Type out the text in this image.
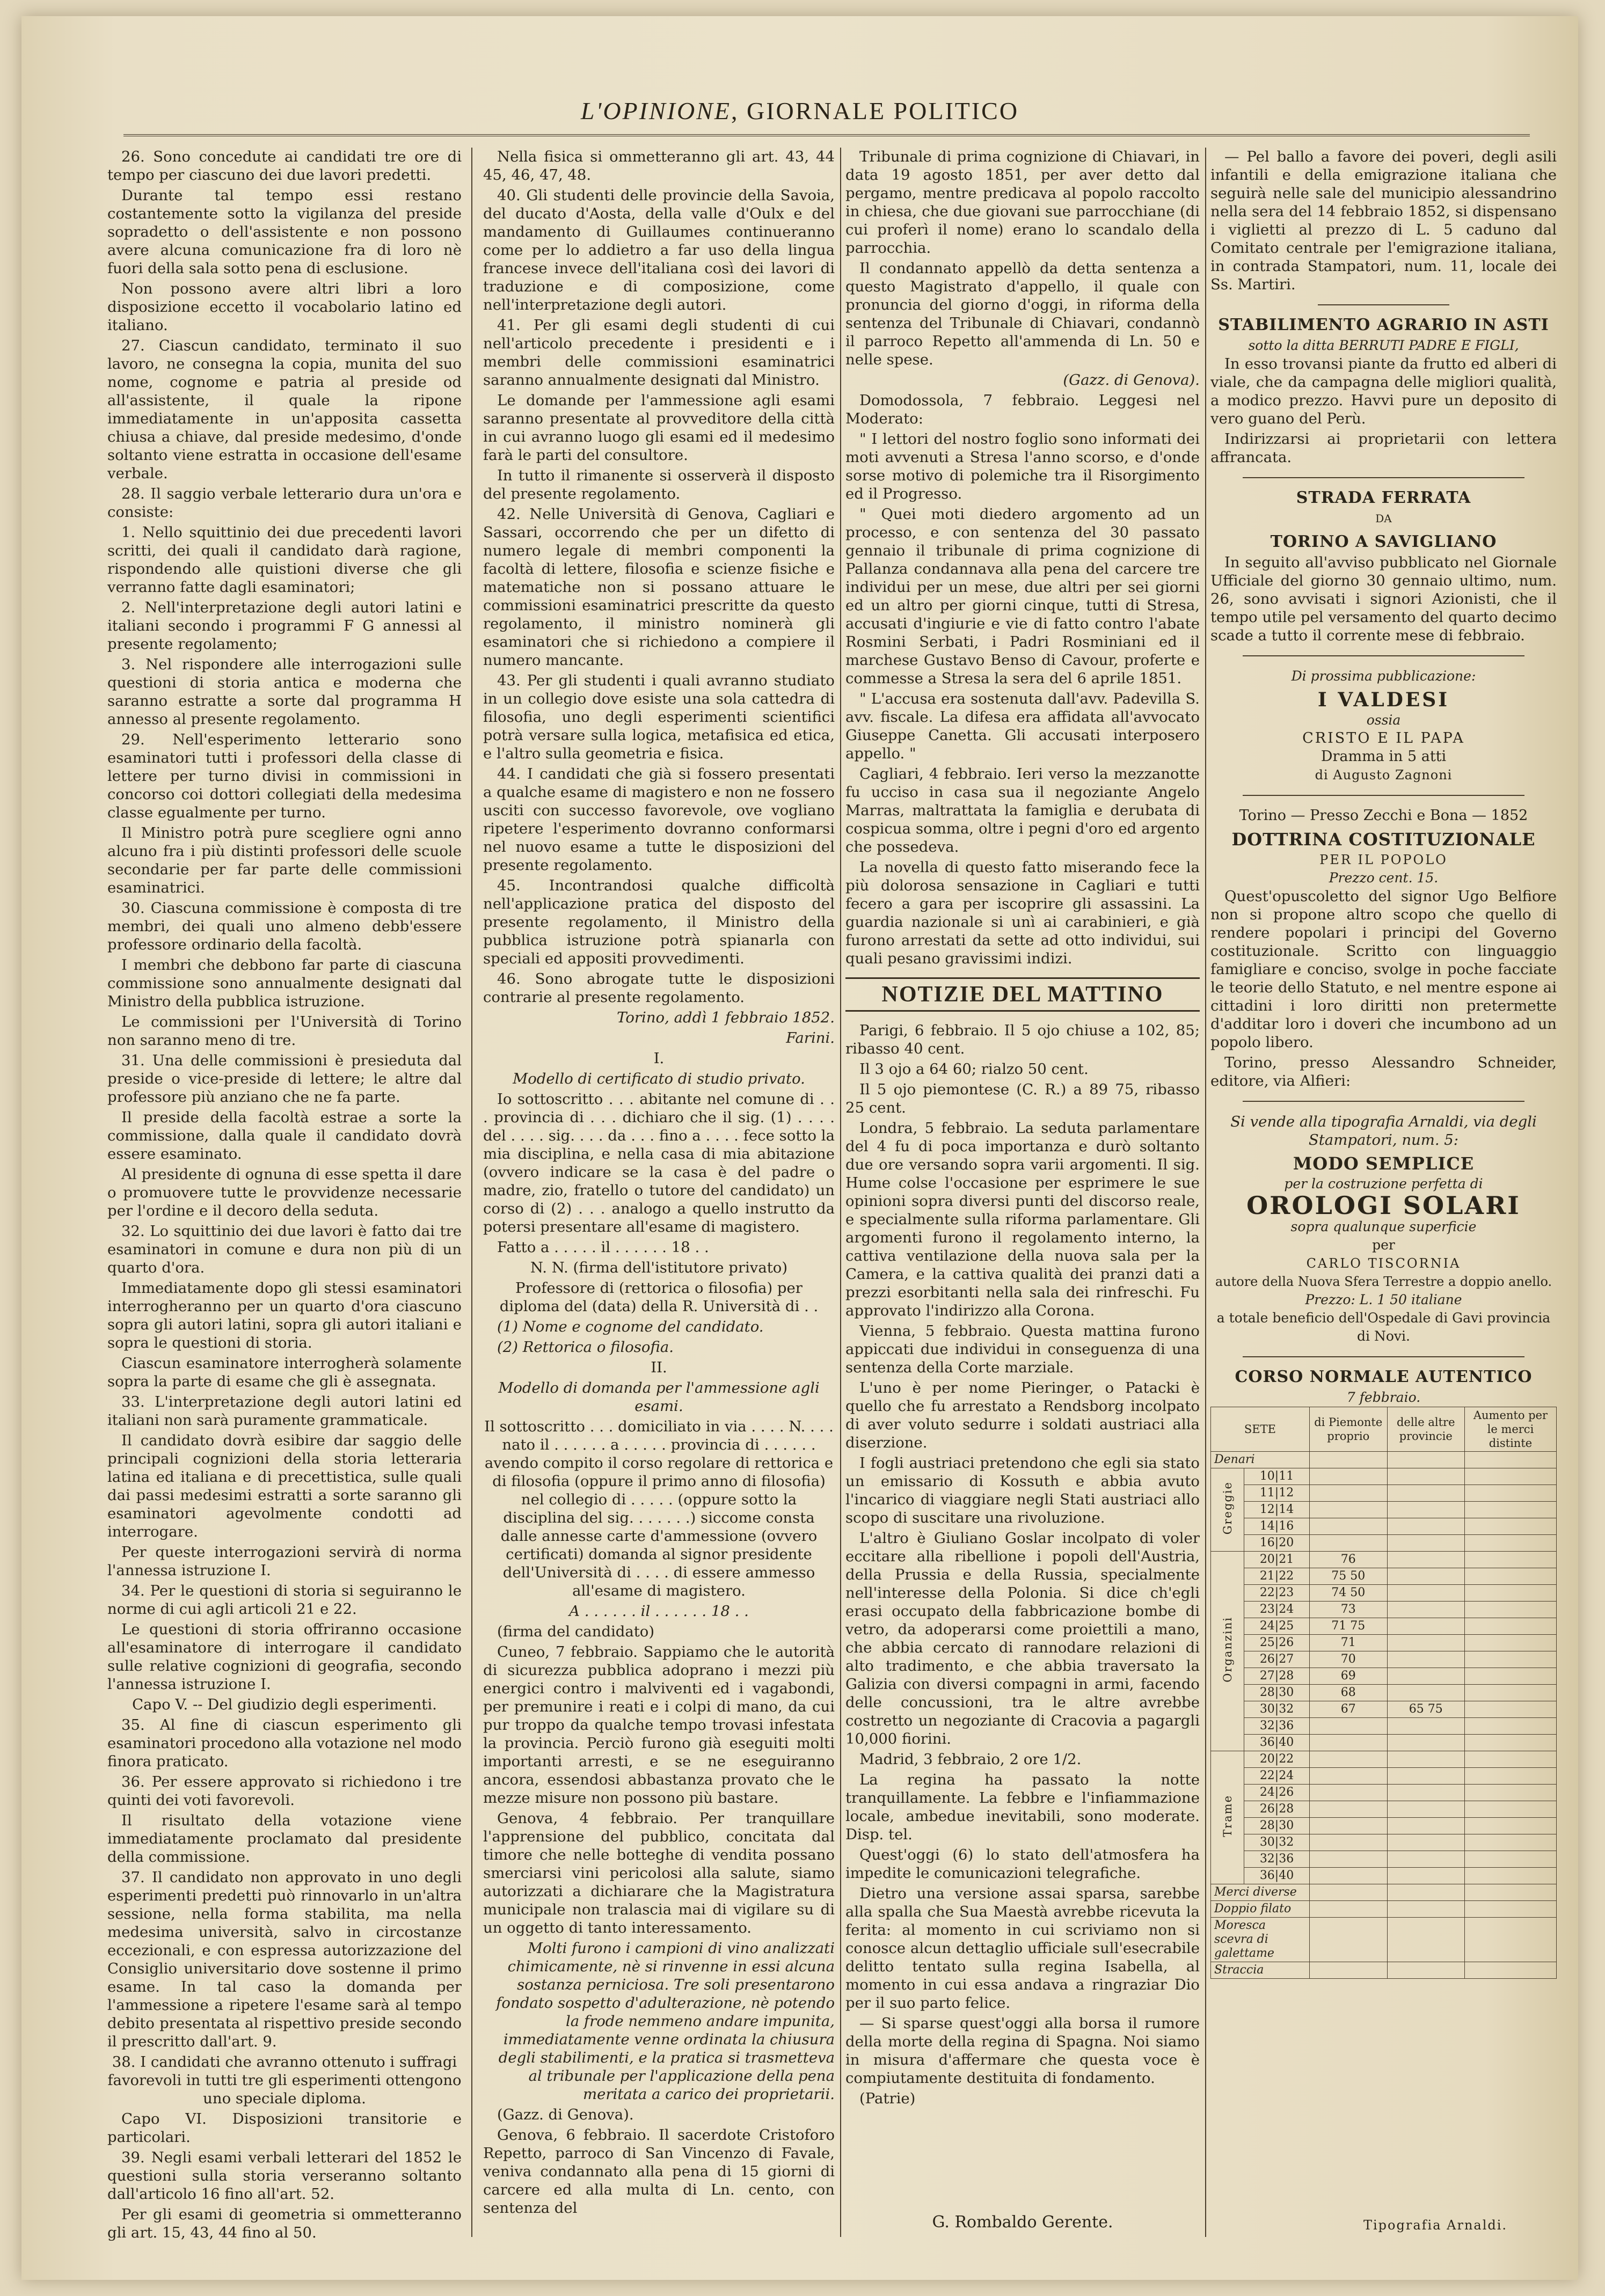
L'OPINIONE, GIORNALE POLITICO

26. Sono concedute ai candidati tre ore di tempo per ciascuno dei due lavori predetti.

Durante tal tempo essi restano costantemente sotto la vigilanza del preside sopradetto o dell'assistente e non possono avere alcuna comunicazione fra di loro nè fuori della sala sotto pena di esclusione.

Non possono avere altri libri a loro disposizione eccetto il vocabolario latino ed italiano.

27. Ciascun candidato, terminato il suo lavoro, ne consegna la copia, munita del suo nome, cognome e patria al preside od all'assistente, il quale la ripone immediatamente in un'apposita cassetta chiusa a chiave, dal preside medesimo, d'onde soltanto viene estratta in occasione dell'esame verbale.

28. Il saggio verbale letterario dura un'ora e consiste:

1. Nello squittinio dei due precedenti lavori scritti, dei quali il candidato darà ragione, rispondendo alle quistioni diverse che gli verranno fatte dagli esaminatori;

2. Nell'interpretazione degli autori latini e italiani secondo i programmi F G annessi al presente regolamento;

3. Nel rispondere alle interrogazioni sulle questioni di storia antica e moderna che saranno estratte a sorte dal programma H annesso al presente regolamento.

29. Nell'esperimento letterario sono esaminatori tutti i professori della classe di lettere per turno divisi in commissioni in concorso coi dottori collegiati della medesima classe egualmente per turno.

Il Ministro potrà pure scegliere ogni anno alcuno fra i più distinti professori delle scuole secondarie per far parte delle commissioni esaminatrici.

30. Ciascuna commissione è composta di tre membri, dei quali uno almeno debb'essere professore ordinario della facoltà.

I membri che debbono far parte di ciascuna commissione sono annualmente designati dal Ministro della pubblica istruzione.

Le commissioni per l'Università di Torino non saranno meno di tre.

31. Una delle commissioni è presieduta dal preside o vice-preside di lettere; le altre dal professore più anziano che ne fa parte.

Il preside della facoltà estrae a sorte la commissione, dalla quale il candidato dovrà essere esaminato.

Al presidente di ognuna di esse spetta il dare o promuovere tutte le provvidenze necessarie per l'ordine e il decoro della seduta.

32. Lo squittinio dei due lavori è fatto dai tre esaminatori in comune e dura non più di un quarto d'ora.

Immediatamente dopo gli stessi esaminatori interrogheranno per un quarto d'ora ciascuno sopra gli autori latini, sopra gli autori italiani e sopra le questioni di storia.

Ciascun esaminatore interrogherà solamente sopra la parte di esame che gli è assegnata.

33. L'interpretazione degli autori latini ed italiani non sarà puramente grammaticale.

Il candidato dovrà esibire dar saggio delle principali cognizioni della storia letteraria latina ed italiana e di precettistica, sulle quali dai passi medesimi estratti a sorte saranno gli esaminatori agevolmente condotti ad interrogare.

Per queste interrogazioni servirà di norma l'annessa istruzione I.

34. Per le questioni di storia si seguiranno le norme di cui agli articoli 21 e 22.

Le questioni di storia offriranno occasione all'esaminatore di interrogare il candidato sulle relative cognizioni di geografia, secondo l'annessa istruzione I.

Capo V. -- Del giudizio degli esperimenti.

35. Al fine di ciascun esperimento gli esaminatori procedono alla votazione nel modo finora praticato.

36. Per essere approvato si richiedono i tre quinti dei voti favorevoli.

Il risultato della votazione viene immediatamente proclamato dal presidente della commissione.

37. Il candidato non approvato in uno degli esperimenti predetti può rinnovarlo in un'altra sessione, nella forma stabilita, ma nella medesima università, salvo in circostanze eccezionali, e con espressa autorizzazione del Consiglio universitario dove sostenne il primo esame. In tal caso la domanda per l'ammessione a ripetere l'esame sarà al tempo debito presentata al rispettivo preside secondo il prescritto dall'art. 9.

38. I candidati che avranno ottenuto i suffragi favorevoli in tutti tre gli esperimenti ottengono uno speciale diploma.

Capo VI. Disposizioni transitorie e particolari.

39. Negli esami verbali letterari del 1852 le questioni sulla storia verseranno soltanto dall'articolo 16 fino all'art. 52.

Per gli esami di geometria si ommetteranno gli art. 15, 43, 44 fino al 50.

Nella fisica si ommetteranno gli art. 43, 44 45, 46, 47, 48.

40. Gli studenti delle provincie della Savoia, del ducato d'Aosta, della valle d'Oulx e del mandamento di Guillaumes continueranno come per lo addietro a far uso della lingua francese invece dell'italiana così dei lavori di traduzione e di composizione, come nell'interpretazione degli autori.

41. Per gli esami degli studenti di cui nell'articolo precedente i presidenti e i membri delle commissioni esaminatrici saranno annualmente designati dal Ministro.

Le domande per l'ammessione agli esami saranno presentate al provveditore della città in cui avranno luogo gli esami ed il medesimo farà le parti del consultore.

In tutto il rimanente si osserverà il disposto del presente regolamento.

42. Nelle Università di Genova, Cagliari e Sassari, occorrendo che per un difetto di numero legale di membri componenti la facoltà di lettere, filosofia e scienze fisiche e matematiche non si possano attuare le commissioni esaminatrici prescritte da questo regolamento, il ministro nominerà gli esaminatori che si richiedono a compiere il numero mancante.

43. Per gli studenti i quali avranno studiato in un collegio dove esiste una sola cattedra di filosofia, uno degli esperimenti scientifici potrà versare sulla logica, metafisica ed etica, e l'altro sulla geometria e fisica.

44. I candidati che già si fossero presentati a qualche esame di magistero e non ne fossero usciti con successo favorevole, ove vogliano ripetere l'esperimento dovranno conformarsi nel nuovo esame a tutte le disposizioni del presente regolamento.

45. Incontrandosi qualche difficoltà nell'applicazione pratica del disposto del presente regolamento, il Ministro della pubblica istruzione potrà spianarla con speciali ed appositi provvedimenti.

46. Sono abrogate tutte le disposizioni contrarie al presente regolamento.

Torino, addì 1 febbraio 1852.

Farini.

I.

Modello di certificato di studio privato.

Io sottoscritto . . . abitante nel comune di . . . provincia di . . . dichiaro che il sig. (1) . . . . del . . . . sig. . . . da . . . fino a . . . . fece sotto la mia disciplina, e nella casa di mia abitazione (ovvero indicare se la casa è del padre o madre, zio, fratello o tutore del candidato) un corso di (2) . . . analogo a quello instrutto da potersi presentare all'esame di magistero.

Fatto a . . . . . il . . . . . . 18 . .

N. N. (firma dell'istitutore privato)

Professore di (rettorica o filosofia) per diploma del (data) della R. Università di . .

(1) Nome e cognome del candidato.

(2) Rettorica o filosofia.

II.

Modello di domanda per l'ammessione agli esami.

Il sottoscritto . . . domiciliato in via . . . . N. . . . nato il . . . . . . a . . . . . provincia di . . . . . . avendo compito il corso regolare di rettorica e di filosofia (oppure il primo anno di filosofia) nel collegio di . . . . . (oppure sotto la disciplina del sig. . . . . . .) siccome consta dalle annesse carte d'ammessione (ovvero certificati) domanda al signor presidente dell'Università di . . . . di essere ammesso all'esame di magistero.

A . . . . . . il . . . . . . 18 . .

(firma del candidato)

Cuneo, 7 febbraio. Sappiamo che le autorità di sicurezza pubblica adoprano i mezzi più energici contro i malviventi ed i vagabondi, per premunire i reati e i colpi di mano, da cui pur troppo da qualche tempo trovasi infestata la provincia. Perciò furono già eseguiti molti importanti arresti, e se ne eseguiranno ancora, essendosi abbastanza provato che le mezze misure non possono più bastare.

Genova, 4 febbraio. Per tranquillare l'apprensione del pubblico, concitata dal timore che nelle botteghe di vendita possano smerciarsi vini pericolosi alla salute, siamo autorizzati a dichiarare che la Magistratura municipale non tralascia mai di vigilare su di un oggetto di tanto interessamento.

Molti furono i campioni di vino analizzati chimicamente, nè si rinvenne in essi alcuna sostanza perniciosa. Tre soli presentarono fondato sospetto d'adulterazione, nè potendo la frode nemmeno andare impunita, immediatamente venne ordinata la chiusura degli stabilimenti, e la pratica si trasmetteva al tribunale per l'applicazione della pena meritata a carico dei proprietarii.

(Gazz. di Genova).

Genova, 6 febbraio. Il sacerdote Cristoforo Repetto, parroco di San Vincenzo di Favale, veniva condannato alla pena di 15 giorni di carcere ed alla multa di Ln. cento, con sentenza del

Tribunale di prima cognizione di Chiavari, in data 19 agosto 1851, per aver detto dal pergamo, mentre predicava al popolo raccolto in chiesa, che due giovani sue parrocchiane (di cui proferì il nome) erano lo scandalo della parrocchia.

Il condannato appellò da detta sentenza a questo Magistrato d'appello, il quale con pronuncia del giorno d'oggi, in riforma della sentenza del Tribunale di Chiavari, condannò il parroco Repetto all'ammenda di Ln. 50 e nelle spese.

(Gazz. di Genova).

Domodossola, 7 febbraio. Leggesi nel Moderato:

" I lettori del nostro foglio sono informati dei moti avvenuti a Stresa l'anno scorso, e d'onde sorse motivo di polemiche tra il Risorgimento ed il Progresso.

" Quei moti diedero argomento ad un processo, e con sentenza del 30 passato gennaio il tribunale di prima cognizione di Pallanza condannava alla pena del carcere tre individui per un mese, due altri per sei giorni ed un altro per giorni cinque, tutti di Stresa, accusati d'ingiurie e vie di fatto contro l'abate Rosmini Serbati, i Padri Rosminiani ed il marchese Gustavo Benso di Cavour, proferte e commesse a Stresa la sera del 6 aprile 1851.

" L'accusa era sostenuta dall'avv. Padevilla S. avv. fiscale. La difesa era affidata all'avvocato Giuseppe Canetta. Gli accusati interposero appello. "

Cagliari, 4 febbraio. Ieri verso la mezzanotte fu ucciso in casa sua il negoziante Angelo Marras, maltrattata la famiglia e derubata di cospicua somma, oltre i pegni d'oro ed argento che possedeva.

La novella di questo fatto miserando fece la più dolorosa sensazione in Cagliari e tutti fecero a gara per iscoprire gli assassini. La guardia nazionale si unì ai carabinieri, e già furono arrestati da sette ad otto individui, sui quali pesano gravissimi indizi.

NOTIZIE DEL MATTINO

Parigi, 6 febbraio. Il 5 ojo chiuse a 102, 85; ribasso 40 cent.

Il 3 ojo a 64 60; rialzo 50 cent.

Il 5 ojo piemontese (C. R.) a 89 75, ribasso 25 cent.

Londra, 5 febbraio. La seduta parlamentare del 4 fu di poca importanza e durò soltanto due ore versando sopra varii argomenti. Il sig. Hume colse l'occasione per esprimere le sue opinioni sopra diversi punti del discorso reale, e specialmente sulla riforma parlamentare. Gli argomenti furono il regolamento interno, la cattiva ventilazione della nuova sala per la Camera, e la cattiva qualità dei pranzi dati a prezzi esorbitanti nella sala dei rinfreschi. Fu approvato l'indirizzo alla Corona.

Vienna, 5 febbraio. Questa mattina furono appiccati due individui in conseguenza di una sentenza della Corte marziale.

L'uno è per nome Pieringer, o Patacki è quello che fu arrestato a Rendsborg incolpato di aver voluto sedurre i soldati austriaci alla diserzione.

I fogli austriaci pretendono che egli sia stato un emissario di Kossuth e abbia avuto l'incarico di viaggiare negli Stati austriaci allo scopo di suscitare una rivoluzione.

L'altro è Giuliano Goslar incolpato di voler eccitare alla ribellione i popoli dell'Austria, della Prussia e della Russia, specialmente nell'interesse della Polonia. Si dice ch'egli erasi occupato della fabbricazione bombe di vetro, da adoperarsi come proiettili a mano, che abbia cercato di rannodare relazioni di alto tradimento, e che abbia traversato la Galizia con diversi compagni in armi, facendo delle concussioni, tra le altre avrebbe costretto un negoziante di Cracovia a pagargli 10,000 fiorini.

Madrid, 3 febbraio, 2 ore 1/2.

La regina ha passato la notte tranquillamente. La febbre e l'infiammazione locale, ambedue inevitabili, sono moderate. Disp. tel.

Quest'oggi (6) lo stato dell'atmosfera ha impedite le comunicazioni telegrafiche.

Dietro una versione assai sparsa, sarebbe alla spalla che Sua Maestà avrebbe ricevuta la ferita: al momento in cui scriviamo non si conosce alcun dettaglio ufficiale sull'esecrabile delitto tentato sulla regina Isabella, al momento in cui essa andava a ringraziar Dio per il suo parto felice.

— Si sparse quest'oggi alla borsa il rumore della morte della regina di Spagna. Noi siamo in misura d'affermare che questa voce è compiutamente destituita di fondamento.

(Patrie)

G. Rombaldo Gerente.

— Pel ballo a favore dei poveri, degli asili infantili e della emigrazione italiana che seguirà nelle sale del municipio alessandrino nella sera del 14 febbraio 1852, si dispensano i viglietti al prezzo di L. 5 caduno dal Comitato centrale per l'emigrazione italiana, in contrada Stampatori, num. 11, locale dei Ss. Martiri.

STABILIMENTO AGRARIO IN ASTI
sotto la ditta BERRUTI PADRE E FIGLI,

In esso trovansi piante da frutto ed alberi di viale, che da campagna delle migliori qualità, a modico prezzo. Havvi pure un deposito di vero guano del Perù.

Indirizzarsi ai proprietarii con lettera affrancata.

STRADA FERRATA
DA
TORINO A SAVIGLIANO

In seguito all'avviso pubblicato nel Giornale Ufficiale del giorno 30 gennaio ultimo, num. 26, sono avvisati i signori Azionisti, che il tempo utile pel versamento del quarto decimo scade a tutto il corrente mese di febbraio.

Di prossima pubblicazione:
I VALDESI
ossia
CRISTO E IL PAPA
Dramma in 5 atti
di Augusto Zagnoni
Torino — Presso Zecchi e Bona — 1852
DOTTRINA COSTITUZIONALE
PER IL POPOLO
Prezzo cent. 15.

Quest'opuscoletto del signor Ugo Belfiore non si propone altro scopo che quello di rendere popolari i principi del Governo costituzionale. Scritto con linguaggio famigliare e conciso, svolge in poche facciate le teorie dello Statuto, e nel mentre espone ai cittadini i loro diritti non pretermette d'additar loro i doveri che incumbono ad un popolo libero.

Torino, presso Alessandro Schneider, editore, via Alfieri:

Si vende alla tipografia Arnaldi, via degli Stampatori, num. 5:

MODO SEMPLICE
per la costruzione perfetta di
OROLOGI SOLARI
sopra qualunque superficie
per
CARLO TISCORNIA
autore della Nuova Sfera Terrestre a doppio anello.
Prezzo: L. 1 50 italiane
a totale beneficio dell'Ospedale di Gavi provincia di Novi.
CORSO NORMALE AUTENTICO
7 febbraio.
SETE		di Piemonte proprio	delle altre provincie	Aumento per le merci distinte
Denari				
Greggie	10|11			
	11|12			
	12|14			
	14|16			
	16|20			
Organzini	20|21	76		
	21|22	75 50		
	22|23	74 50		
	23|24	73		
	24|25	71 75		
	25|26	71		
	26|27	70		
	27|28	69		
	28|30	68		
	30|32	67	65 75	
	32|36			
	36|40			
Trame	20|22			
	22|24			
	24|26			
	26|28			
	28|30			
	30|32			
	32|36			
	36|40			
Merci diverse				
Doppio filato				
Moresca scevra di galettame				
Straccia				
Tipografia Arnaldi.
